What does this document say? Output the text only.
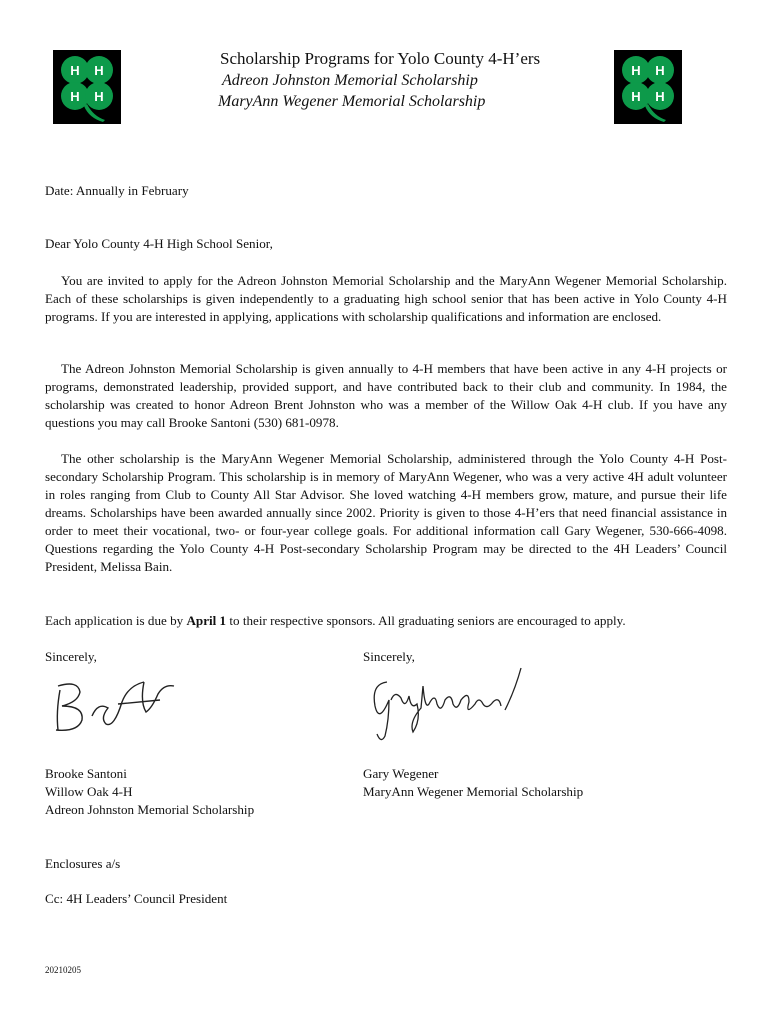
H H
H H
H H
H H
Scholarship Programs for Yolo County 4-H’ers
Adreon Johnston Memorial Scholarship
MaryAnn Wegener Memorial Scholarship
Date: Annually in February
Dear Yolo County 4-H High School Senior,
You are invited to apply for the Adreon Johnston Memorial Scholarship and the MaryAnn Wegener Memorial Scholarship. Each of these scholarships is given independently to a graduating high school senior that has been active in Yolo County 4-H programs. If you are interested in applying, applications with scholarship qualifications and information are enclosed.
The Adreon Johnston Memorial Scholarship is given annually to 4-H members that have been active in any 4-H projects or programs, demonstrated leadership, provided support, and have contributed back to their club and community. In 1984, the scholarship was created to honor Adreon Brent Johnston who was a member of the Willow Oak 4-H club. If you have any questions you may call Brooke Santoni (530) 681-0978.
The other scholarship is the MaryAnn Wegener Memorial Scholarship, administered through the Yolo County 4-H Post-secondary Scholarship Program. This scholarship is in memory of MaryAnn Wegener, who was a very active 4H adult volunteer in roles ranging from Club to County All Star Advisor. She loved watching 4-H members grow, mature, and pursue their life dreams. Scholarships have been awarded annually since 2002. Priority is given to those 4-H’ers that need financial assistance in order to meet their vocational, two- or four-year college goals. For additional information call Gary Wegener, 530-666-4098. Questions regarding the Yolo County 4-H Post-secondary Scholarship Program may be directed to the 4H Leaders’ Council President, Melissa Bain.
Each application is due by April 1 to their respective sponsors. All graduating seniors are encouraged to apply.
Sincerely,	Sincerely,
Brooke Santoni
Willow Oak 4-H
Adreon Johnston Memorial Scholarship
Gary Wegener
MaryAnn Wegener Memorial Scholarship
Enclosures a/s
Cc: 4H Leaders’ Council President
20210205
